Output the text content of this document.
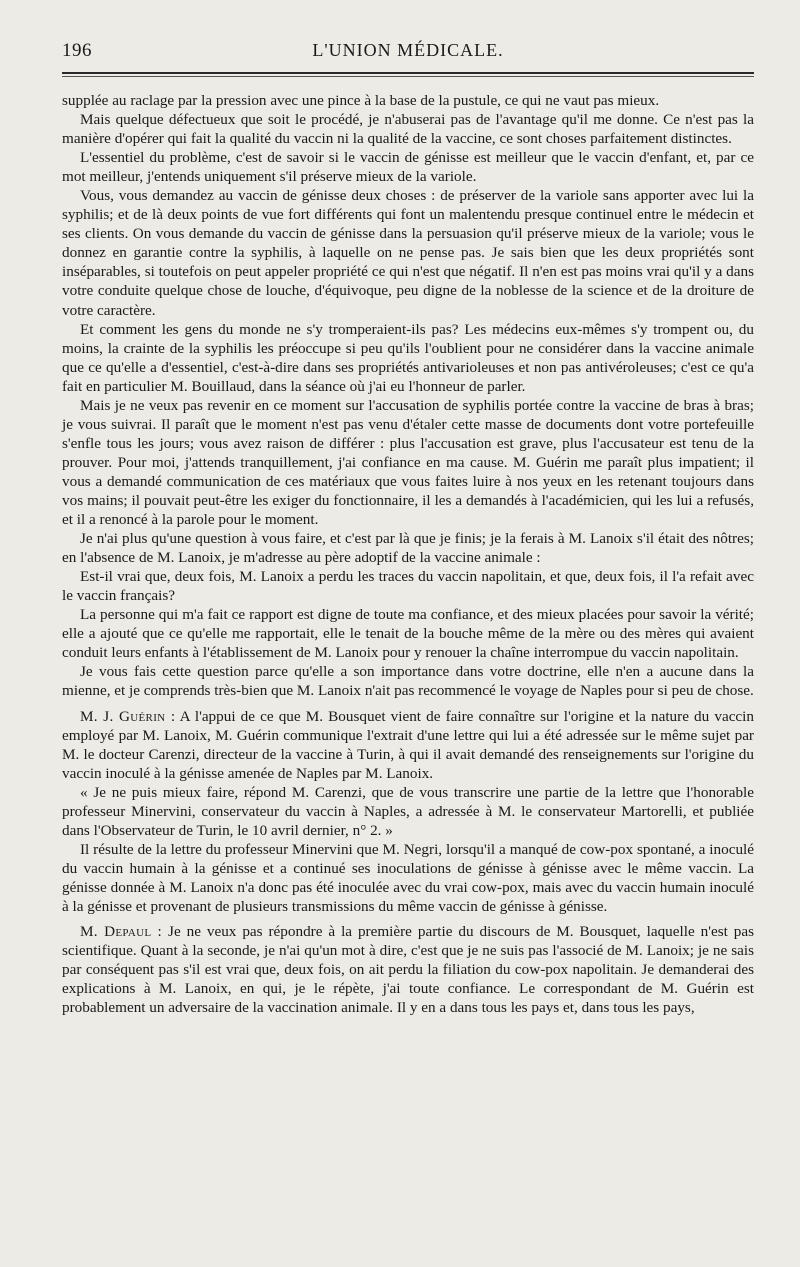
196	L'UNION MÉDICALE.

supplée au raclage par la pression avec une pince à la base de la pustule, ce qui ne vaut pas mieux.

Mais quelque défectueux que soit le procédé, je n'abuserai pas de l'avantage qu'il me donne. Ce n'est pas la manière d'opérer qui fait la qualité du vaccin ni la qualité de la vaccine, ce sont choses parfaitement distinctes.

L'essentiel du problème, c'est de savoir si le vaccin de génisse est meilleur que le vaccin d'enfant, et, par ce mot meilleur, j'entends uniquement s'il préserve mieux de la variole.

Vous, vous demandez au vaccin de génisse deux choses : de préserver de la variole sans apporter avec lui la syphilis; et de là deux points de vue fort différents qui font un malentendu presque continuel entre le médecin et ses clients. On vous demande du vaccin de génisse dans la persuasion qu'il préserve mieux de la variole; vous le donnez en garantie contre la syphilis, à laquelle on ne pense pas. Je sais bien que les deux propriétés sont inséparables, si toutefois on peut appeler propriété ce qui n'est que négatif. Il n'en est pas moins vrai qu'il y a dans votre conduite quelque chose de louche, d'équivoque, peu digne de la noblesse de la science et de la droiture de votre caractère.

Et comment les gens du monde ne s'y tromperaient-ils pas? Les médecins eux-mêmes s'y trompent ou, du moins, la crainte de la syphilis les préoccupe si peu qu'ils l'oublient pour ne considérer dans la vaccine animale que ce qu'elle a d'essentiel, c'est-à-dire dans ses propriétés antivarioleuses et non pas antivéroleuses; c'est ce qu'a fait en particulier M. Bouillaud, dans la séance où j'ai eu l'honneur de parler.

Mais je ne veux pas revenir en ce moment sur l'accusation de syphilis portée contre la vaccine de bras à bras; je vous suivrai. Il paraît que le moment n'est pas venu d'étaler cette masse de documents dont votre portefeuille s'enfle tous les jours; vous avez raison de différer : plus l'accusation est grave, plus l'accusateur est tenu de la prouver. Pour moi, j'attends tranquillement, j'ai confiance en ma cause. M. Guérin me paraît plus impatient; il vous a demandé communication de ces matériaux que vous faites luire à nos yeux en les retenant toujours dans vos mains; il pouvait peut-être les exiger du fonctionnaire, il les a demandés à l'académicien, qui les lui a refusés, et il a renoncé à la parole pour le moment.

Je n'ai plus qu'une question à vous faire, et c'est par là que je finis; je la ferais à M. Lanoix s'il était des nôtres; en l'absence de M. Lanoix, je m'adresse au père adoptif de la vaccine animale :

Est-il vrai que, deux fois, M. Lanoix a perdu les traces du vaccin napolitain, et que, deux fois, il l'a refait avec le vaccin français?

La personne qui m'a fait ce rapport est digne de toute ma confiance, et des mieux placées pour savoir la vérité; elle a ajouté que ce qu'elle me rapportait, elle le tenait de la bouche même de la mère ou des mères qui avaient conduit leurs enfants à l'établissement de M. Lanoix pour y renouer la chaîne interrompue du vaccin napolitain.

Je vous fais cette question parce qu'elle a son importance dans votre doctrine, elle n'en a aucune dans la mienne, et je comprends très-bien que M. Lanoix n'ait pas recommencé le voyage de Naples pour si peu de chose.

M. J. Guérin : A l'appui de ce que M. Bousquet vient de faire connaître sur l'origine et la nature du vaccin employé par M. Lanoix, M. Guérin communique l'extrait d'une lettre qui lui a été adressée sur le même sujet par M. le docteur Carenzi, directeur de la vaccine à Turin, à qui il avait demandé des renseignements sur l'origine du vaccin inoculé à la génisse amenée de Naples par M. Lanoix.

« Je ne puis mieux faire, répond M. Carenzi, que de vous transcrire une partie de la lettre que l'honorable professeur Minervini, conservateur du vaccin à Naples, a adressée à M. le conservateur Martorelli, et publiée dans l'Observateur de Turin, le 10 avril dernier, n° 2. »

Il résulte de la lettre du professeur Minervini que M. Negri, lorsqu'il a manqué de cow-pox spontané, a inoculé du vaccin humain à la génisse et a continué ses inoculations de génisse à génisse avec le même vaccin. La génisse donnée à M. Lanoix n'a donc pas été inoculée avec du vrai cow-pox, mais avec du vaccin humain inoculé à la génisse et provenant de plusieurs transmissions du même vaccin de génisse à génisse.

M. Depaul : Je ne veux pas répondre à la première partie du discours de M. Bousquet, laquelle n'est pas scientifique. Quant à la seconde, je n'ai qu'un mot à dire, c'est que je ne suis pas l'associé de M. Lanoix; je ne sais par conséquent pas s'il est vrai que, deux fois, on ait perdu la filiation du cow-pox napolitain. Je demanderai des explications à M. Lanoix, en qui, je le répète, j'ai toute confiance. Le correspondant de M. Guérin est probablement un adversaire de la vaccination animale. Il y en a dans tous les pays et, dans tous les pays,
